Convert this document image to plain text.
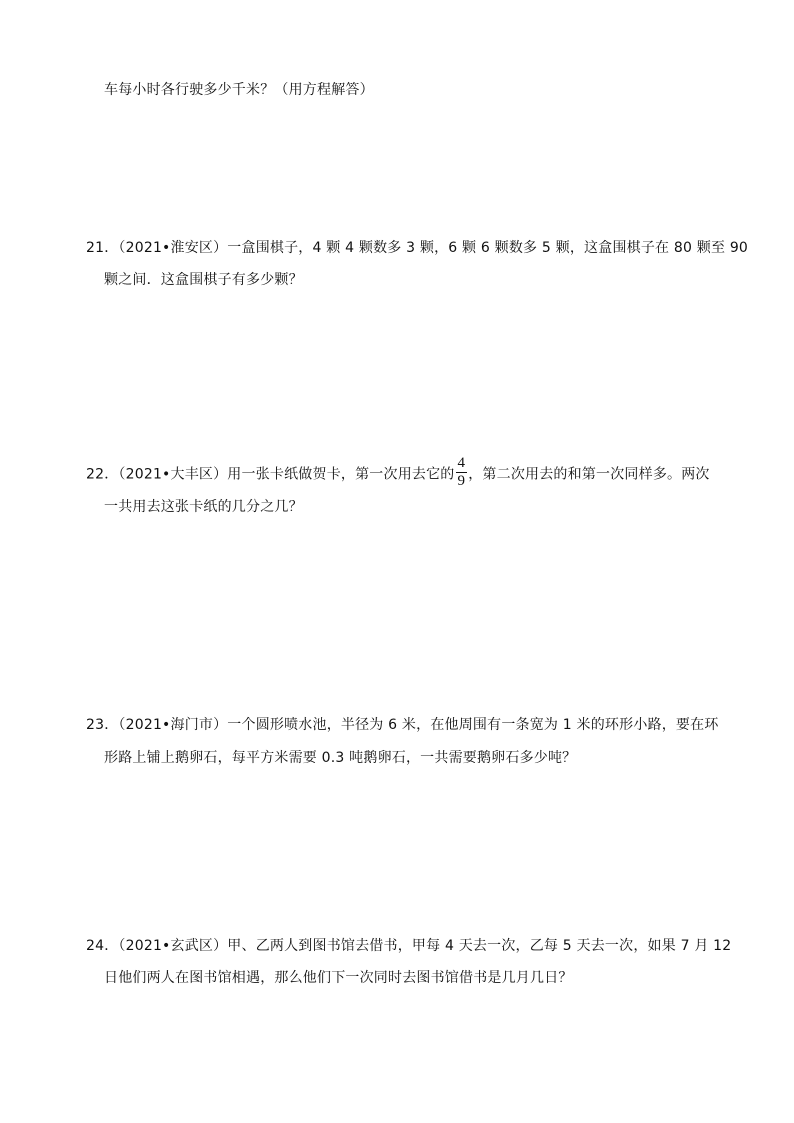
车每小时各行驶多少千米？（用方程解答）
21．（2021•淮安区）一盒围棋子，4 颗 4 颗数多 3 颗，6 颗 6 颗数多 5 颗，这盒围棋子在 80 颗至 90
颗之间．这盒围棋子有多少颗？
22．（2021•大丰区）用一张卡纸做贺卡，第一次用去它的 $\frac{4}{9}$ ，第二次用去的和第一次同样多。两次
一共用去这张卡纸的几分之几？
23．（2021•海门市）一个圆形喷水池，半径为 6 米，在他周围有一条宽为 1 米的环形小路，要在环
形路上铺上鹅卵石，每平方米需要 0.3 吨鹅卵石，一共需要鹅卵石多少吨？
24．（2021•玄武区）甲、乙两人到图书馆去借书，甲每 4 天去一次，乙每 5 天去一次，如果 7 月 12
日他们两人在图书馆相遇，那么他们下一次同时去图书馆借书是几月几日？
